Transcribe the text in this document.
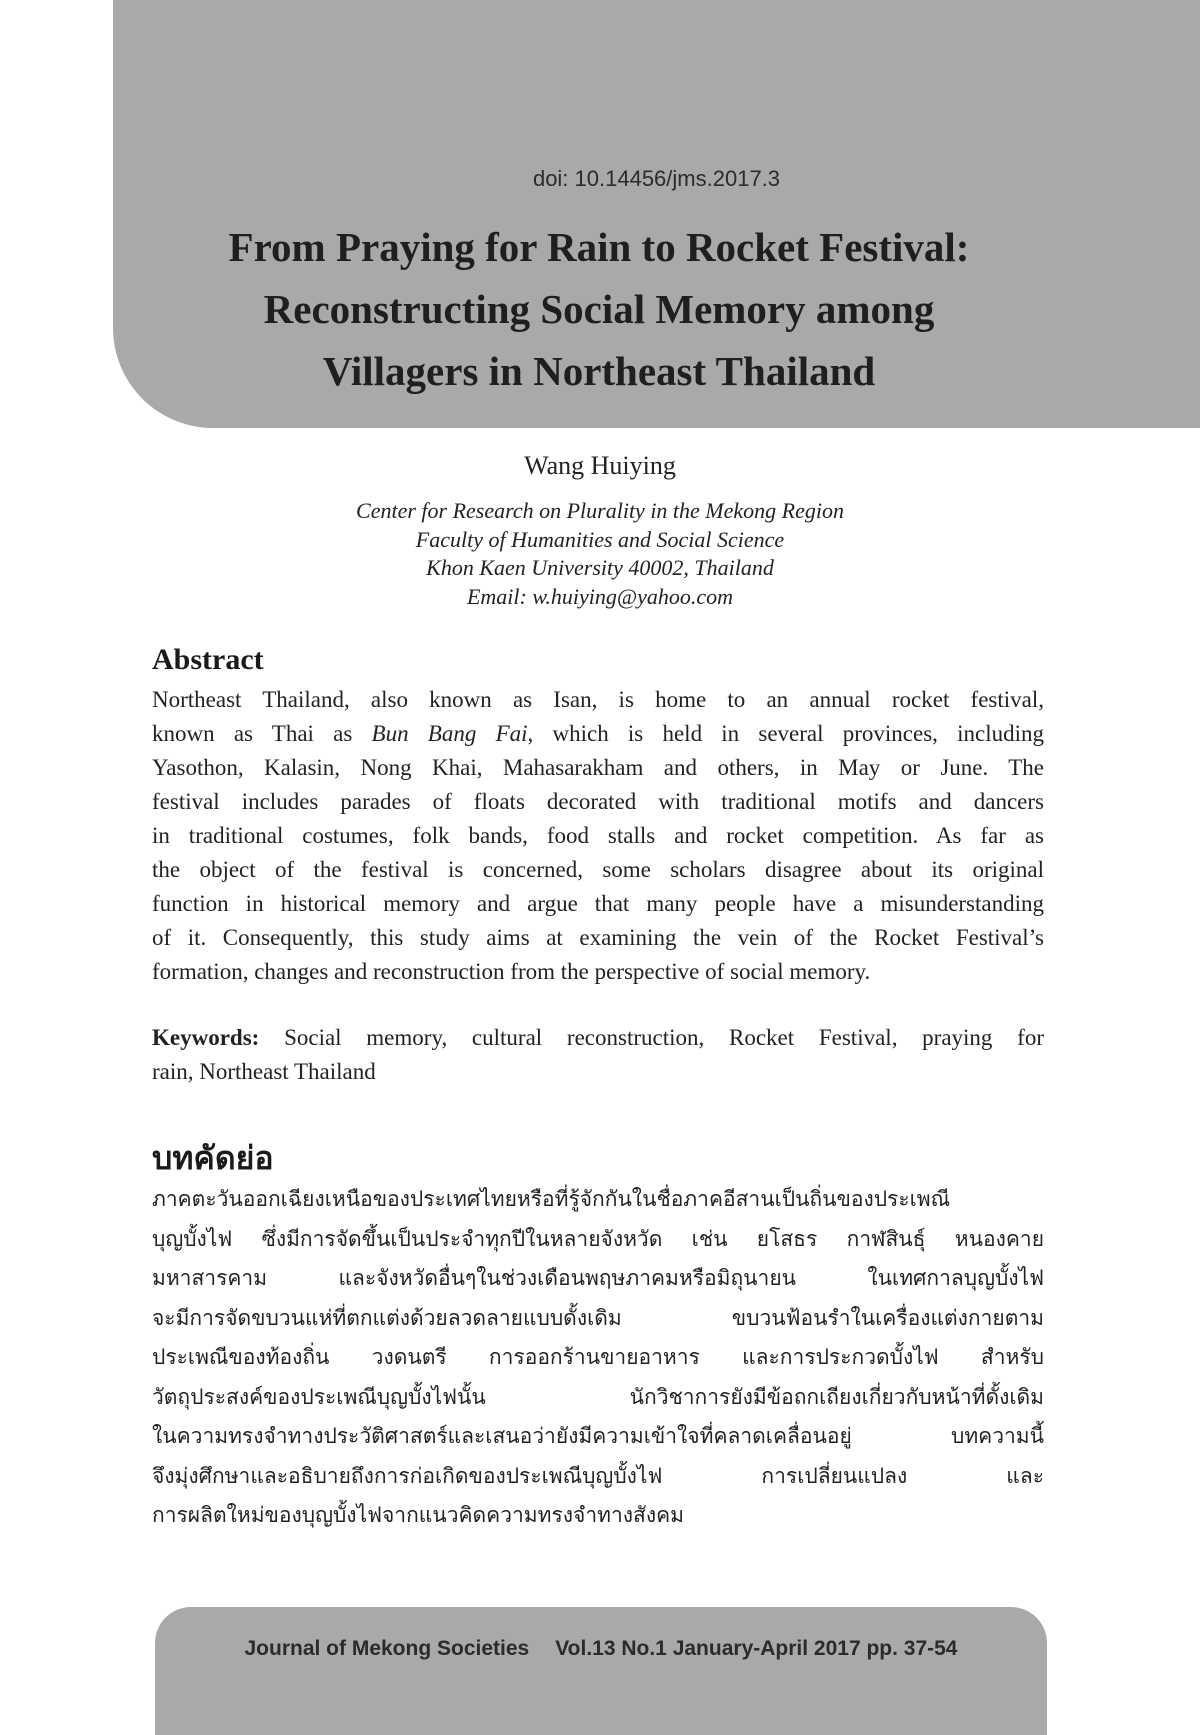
doi: 10.14456/jms.2017.3
From Praying for Rain to Rocket Festival:
Reconstructing Social Memory among
Villagers in Northeast Thailand
Wang Huiying
Center for Research on Plurality in the Mekong Region
Faculty of Humanities and Social Science
Khon Kaen University 40002, Thailand
Email: w.huiying@yahoo.com
Abstract
Northeast Thailand, also known as Isan, is home to an annual rocket festival,
known as Thai as Bun Bang Fai, which is held in several provinces, including
Yasothon, Kalasin, Nong Khai, Mahasarakham and others, in May or June. The
festival includes parades of floats decorated with traditional motifs and dancers
in traditional costumes, folk bands, food stalls and rocket competition. As far as
the object of the festival is concerned, some scholars disagree about its original
function in historical memory and argue that many people have a misunderstanding
of it. Consequently, this study aims at examining the vein of the Rocket Festival’s
formation, changes and reconstruction from the perspective of social memory.
Keywords: Social memory, cultural reconstruction, Rocket Festival, praying for
rain, Northeast Thailand
บทคัดย่อ
ภาคตะวันออกเฉียงเหนือของประเทศไทยหรือที่รู้จักกันในชื่อภาคอีสานเป็นถิ่นของประเพณี
บุญบั้งไฟ ซึ่งมีการจัดขึ้นเป็นประจำทุกปีในหลายจังหวัด เช่น ยโสธร กาฬสินธุ์ หนองคาย
มหาสารคาม และจังหวัดอื่นๆในช่วงเดือนพฤษภาคมหรือมิถุนายน ในเทศกาลบุญบั้งไฟ
จะมีการจัดขบวนแห่ที่ตกแต่งด้วยลวดลายแบบดั้งเดิม ขบวนฟ้อนรำในเครื่องแต่งกายตาม
ประเพณีของท้องถิ่น วงดนตรี การออกร้านขายอาหาร และการประกวดบั้งไฟ สำหรับ
วัตถุประสงค์ของประเพณีบุญบั้งไฟนั้น นักวิชาการยังมีข้อถกเถียงเกี่ยวกับหน้าที่ดั้งเดิม
ในความทรงจำทางประวัติศาสตร์และเสนอว่ายังมีความเข้าใจที่คลาดเคลื่อนอยู่ บทความนี้
จึงมุ่งศึกษาและอธิบายถึงการก่อเกิดของประเพณีบุญบั้งไฟ การเปลี่ยนแปลง และ
การผลิตใหม่ของบุญบั้งไฟจากแนวคิดความทรงจำทางสังคม
Journal of Mekong Societies Vol.13 No.1 January-April 2017 pp. 37-54
